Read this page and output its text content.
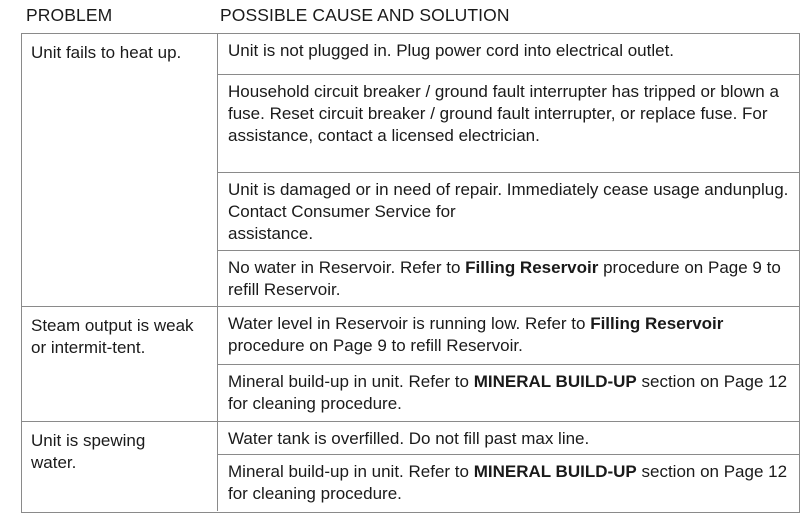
PROBLEM	POSSIBLE CAUSE AND SOLUTION
Unit fails to heat up.	Unit is not plugged in. Plug power cord into electrical outlet.
Household circuit breaker / ground fault interrupter has tripped or blown a fuse. Reset circuit breaker / ground fault interrupter, or replace fuse. For
assistance, contact a licensed electrician.
Unit is damaged or in need of repair. Immediately cease usage andunplug. Contact Consumer Service for
assistance.
No water in Reservoir. Refer to Filling Reservoir procedure on Page 9 to refill Reservoir.
Steam output is weak or intermit-tent.
Water level in Reservoir is running low. Refer to Filling Reservoir procedure on Page 9 to refill Reservoir.
Mineral build-up in unit. Refer to MINERAL BUILD-UP section on Page 12 for cleaning procedure.
Unit is spewing water.
Water tank is overfilled. Do not fill past max line.
Mineral build-up in unit. Refer to MINERAL BUILD-UP section on Page 12 for cleaning procedure.
